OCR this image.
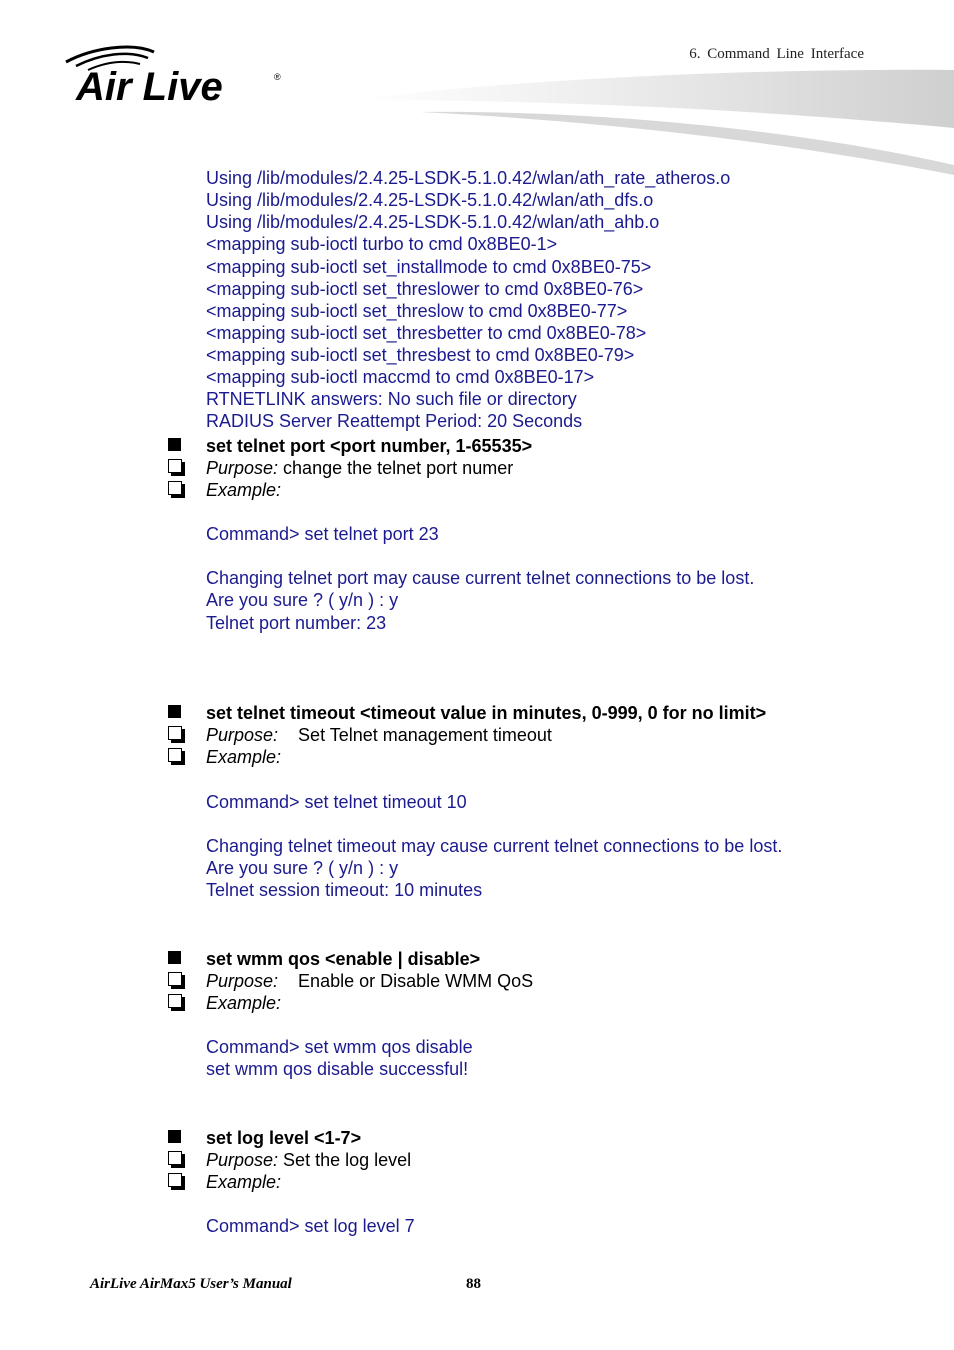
Air Live	®
6. Command Line Interface
Using /lib/modules/2.4.25-LSDK-5.1.0.42/wlan/ath_rate_atheros.o
Using /lib/modules/2.4.25-LSDK-5.1.0.42/wlan/ath_dfs.o
Using /lib/modules/2.4.25-LSDK-5.1.0.42/wlan/ath_ahb.o
<mapping sub-ioctl turbo to cmd 0x8BE0-1>
<mapping sub-ioctl set_installmode to cmd 0x8BE0-75>
<mapping sub-ioctl set_threslower to cmd 0x8BE0-76>
<mapping sub-ioctl set_threslow to cmd 0x8BE0-77>
<mapping sub-ioctl set_thresbetter to cmd 0x8BE0-78>
<mapping sub-ioctl set_thresbest to cmd 0x8BE0-79>
<mapping sub-ioctl maccmd to cmd 0x8BE0-17>
RTNETLINK answers: No such file or directory
RADIUS Server Reattempt Period: 20 Seconds
set telnet port <port number, 1-65535>
Purpose: change the telnet port numer
Example:
Command> set telnet port 23
Changing telnet port may cause current telnet connections to be lost.
Are you sure ? ( y/n ) : y
Telnet port number: 23
set telnet timeout <timeout value in minutes, 0-999, 0 for no limit>
Purpose:    Set Telnet management timeout
Example:
Command> set telnet timeout 10
Changing telnet timeout may cause current telnet connections to be lost.
Are you sure ? ( y/n ) : y
Telnet session timeout: 10 minutes
set wmm qos <enable | disable>
Purpose:    Enable or Disable WMM QoS
Example:
Command> set wmm qos disable
set wmm qos disable successful!
set log level <1-7>
Purpose: Set the log level
Example:
Command> set log level 7
AirLive AirMax5 User’s Manual	88
